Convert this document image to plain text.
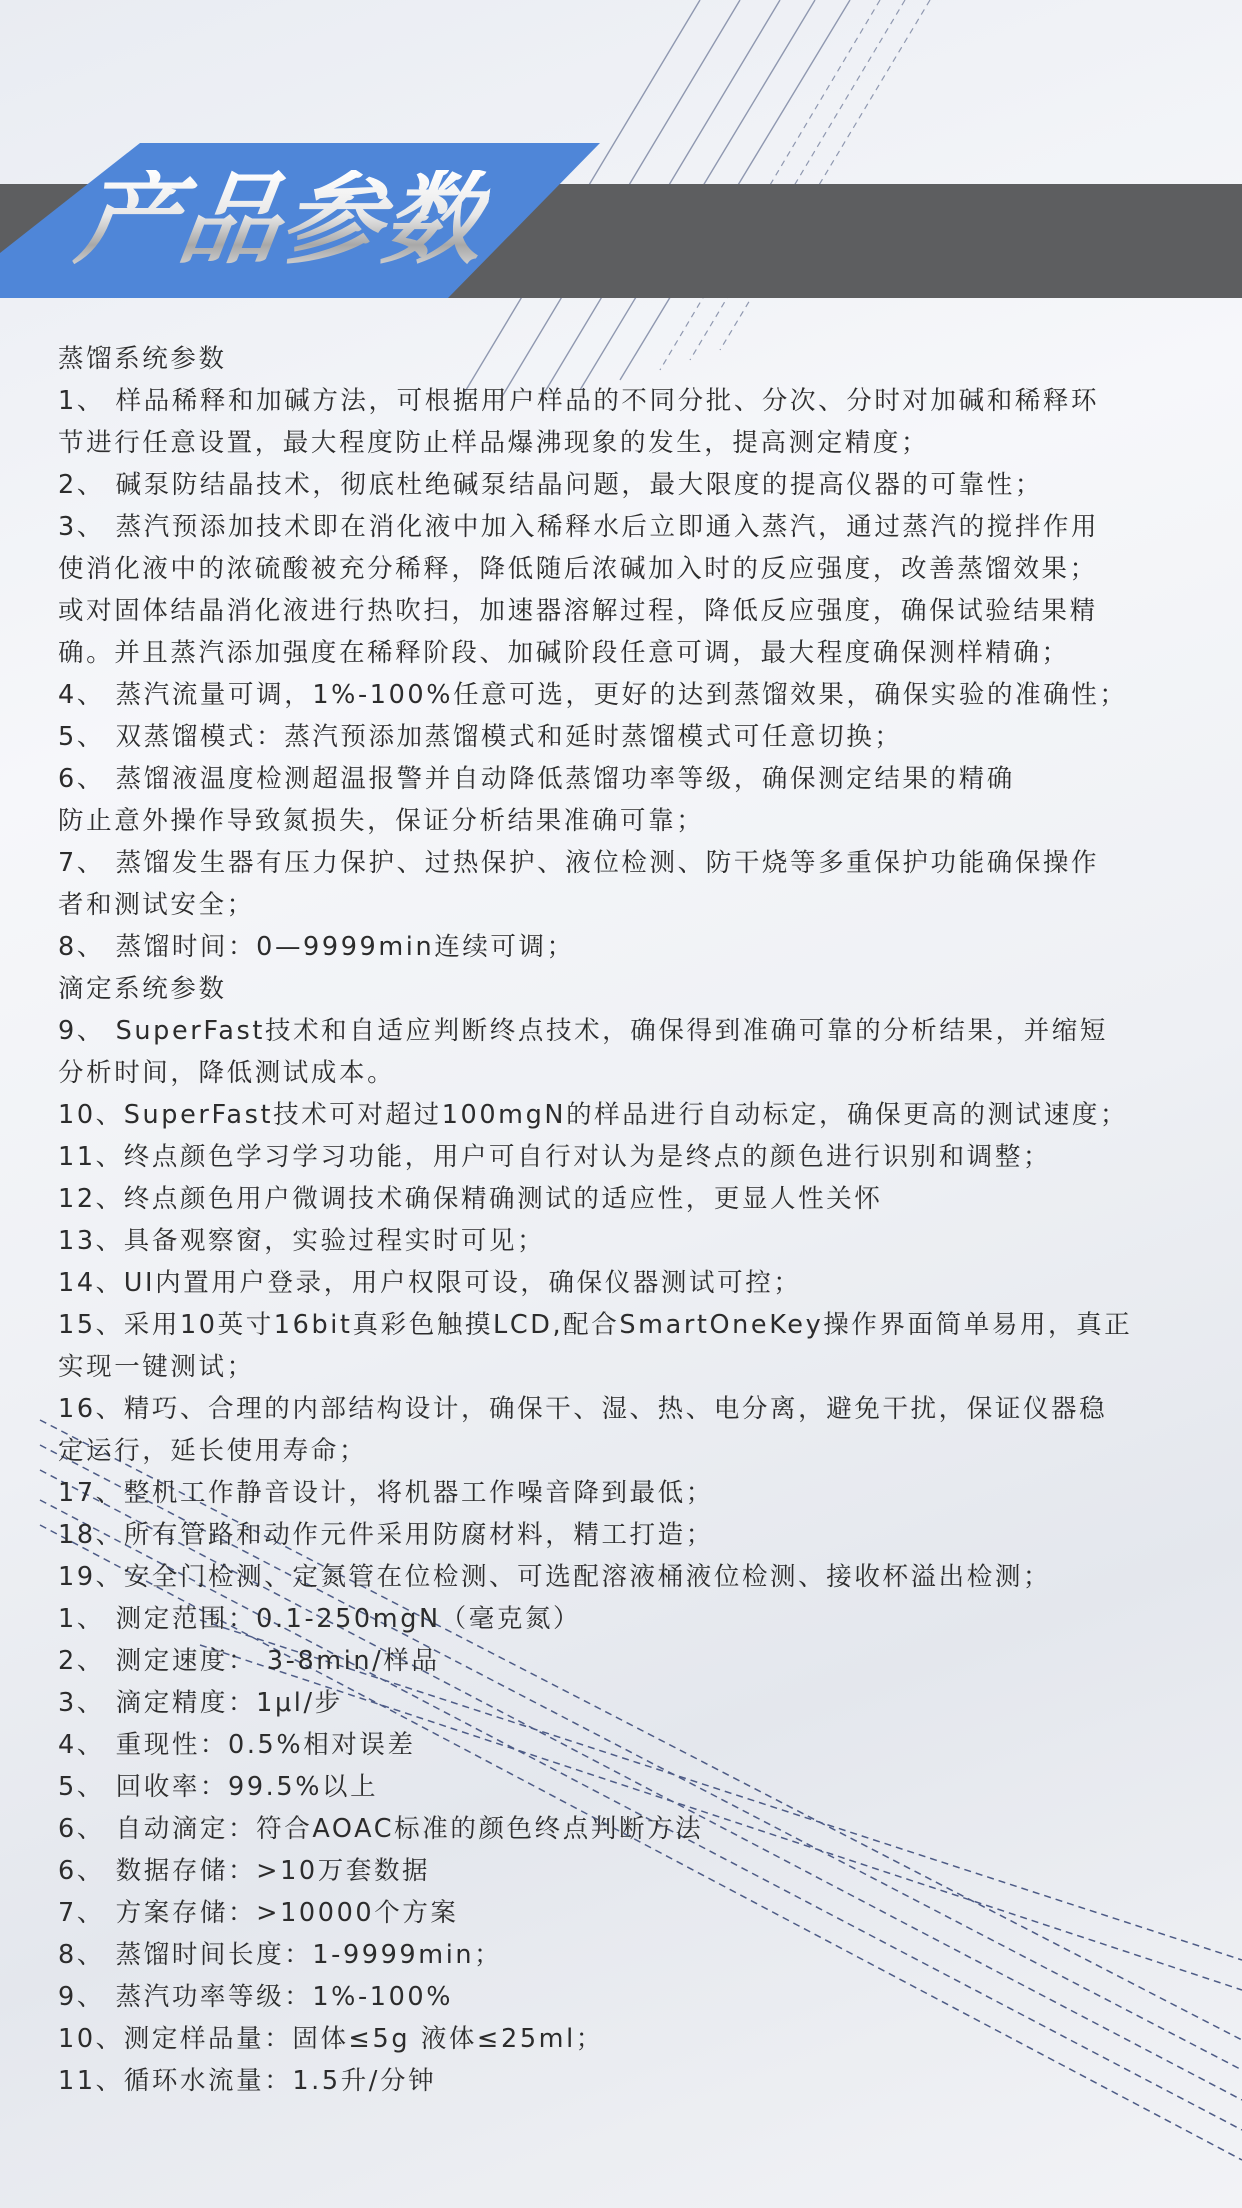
产品参数
蒸馏系统参数
1、 样品稀释和加碱方法，可根据用户样品的不同分批、分次、分时对加碱和稀释环
节进行任意设置，最大程度防止样品爆沸现象的发生，提高测定精度；
2、 碱泵防结晶技术，彻底杜绝碱泵结晶问题，最大限度的提高仪器的可靠性；
3、 蒸汽预添加技术即在消化液中加入稀释水后立即通入蒸汽，通过蒸汽的搅拌作用
使消化液中的浓硫酸被充分稀释，降低随后浓碱加入时的反应强度，改善蒸馏效果；
或对固体结晶消化液进行热吹扫，加速器溶解过程，降低反应强度，确保试验结果精
确。并且蒸汽添加强度在稀释阶段、加碱阶段任意可调，最大程度确保测样精确；
4、 蒸汽流量可调，1%-100%任意可选，更好的达到蒸馏效果，确保实验的准确性；
5、 双蒸馏模式：蒸汽预添加蒸馏模式和延时蒸馏模式可任意切换；
6、 蒸馏液温度检测超温报警并自动降低蒸馏功率等级，确保测定结果的精确
防止意外操作导致氮损失，保证分析结果准确可靠；
7、 蒸馏发生器有压力保护、过热保护、液位检测、防干烧等多重保护功能确保操作
者和测试安全；
8、 蒸馏时间：0—9999min连续可调；
滴定系统参数
9、 SuperFast技术和自适应判断终点技术，确保得到准确可靠的分析结果，并缩短
分析时间，降低测试成本。
10、SuperFast技术可对超过100mgN的样品进行自动标定，确保更高的测试速度；
11、终点颜色学习学习功能，用户可自行对认为是终点的颜色进行识别和调整；
12、终点颜色用户微调技术确保精确测试的适应性，更显人性关怀
13、具备观察窗，实验过程实时可见；
14、UI内置用户登录，用户权限可设，确保仪器测试可控；
15、采用10英寸16bit真彩色触摸LCD,配合SmartOneKey操作界面简单易用，真正
实现一键测试；
16、精巧、合理的内部结构设计，确保干、湿、热、电分离，避免干扰，保证仪器稳
定运行，延长使用寿命；
17、整机工作静音设计，将机器工作噪音降到最低；
18、所有管路和动作元件采用防腐材料，精工打造；
19、安全门检测、定氮管在位检测、可选配溶液桶液位检测、接收杯溢出检测；
1、 测定范围：0.1-250mgN（毫克氮）
2、 测定速度： 3-8min/样品
3、 滴定精度：1μl/步
4、 重现性：0.5%相对误差
5、 回收率：99.5%以上
6、 自动滴定：符合AOAC标准的颜色终点判断方法
6、 数据存储：>10万套数据
7、 方案存储：>10000个方案
8、 蒸馏时间长度：1-9999min；
9、 蒸汽功率等级：1%-100%
10、测定样品量：固体≤5g 液体≤25ml；
11、循环水流量：1.5升/分钟
